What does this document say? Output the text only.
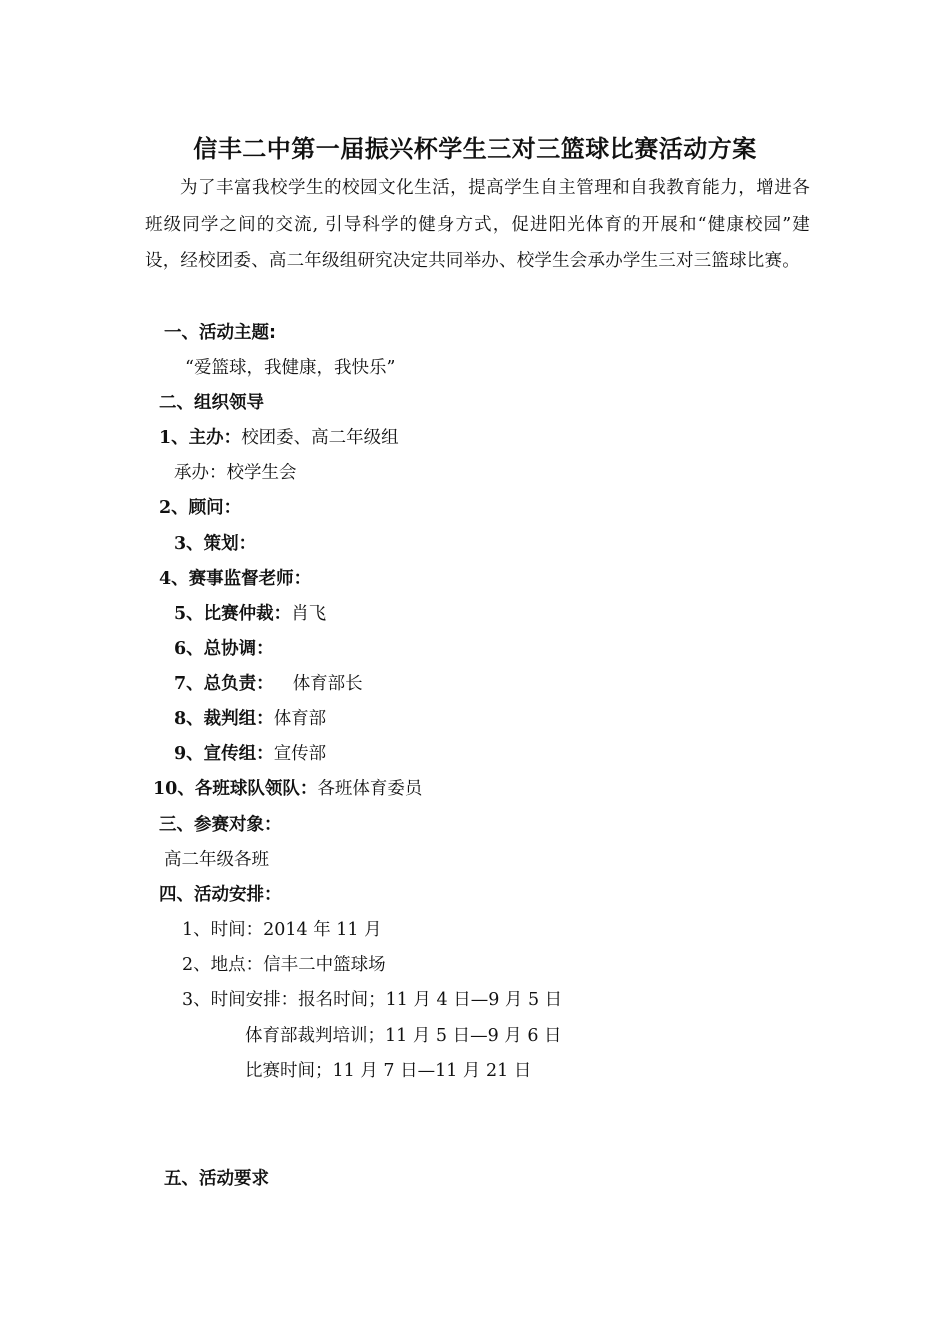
信丰二中第一届振兴杯学生三对三篮球比赛活动方案
为了丰富我校学生的校园文化生活，提高学生自主管理和自我教育能力，增进各班级同学之间的交流, 引导科学的健身方式，促进阳光体育的开展和“健康校园”建设，经校团委、高二年级组研究决定共同举办、校学生会承办学生三对三篮球比赛。
一、活动主题:
“爱篮球，我健康，我快乐”
二、组织领导
1、主办：校团委、高二年级组
承办：校学生会
2、顾问：
3、策划：
4、赛事监督老师：
5、比赛仲裁：肖飞
6、总协调：
7、总负责： 体育部长
8、裁判组：体育部
9、宣传组：宣传部
10、各班球队领队：各班体育委员
三、参赛对象：
高二年级各班
四、活动安排：
1、时间：2014 年 11 月
2、地点：信丰二中篮球场
3、时间安排：报名时间；11 月 4 日—9 月 5 日
体育部裁判培训；11 月 5 日—9 月 6 日
比赛时间；11 月 7 日—11 月 21 日
五、活动要求
